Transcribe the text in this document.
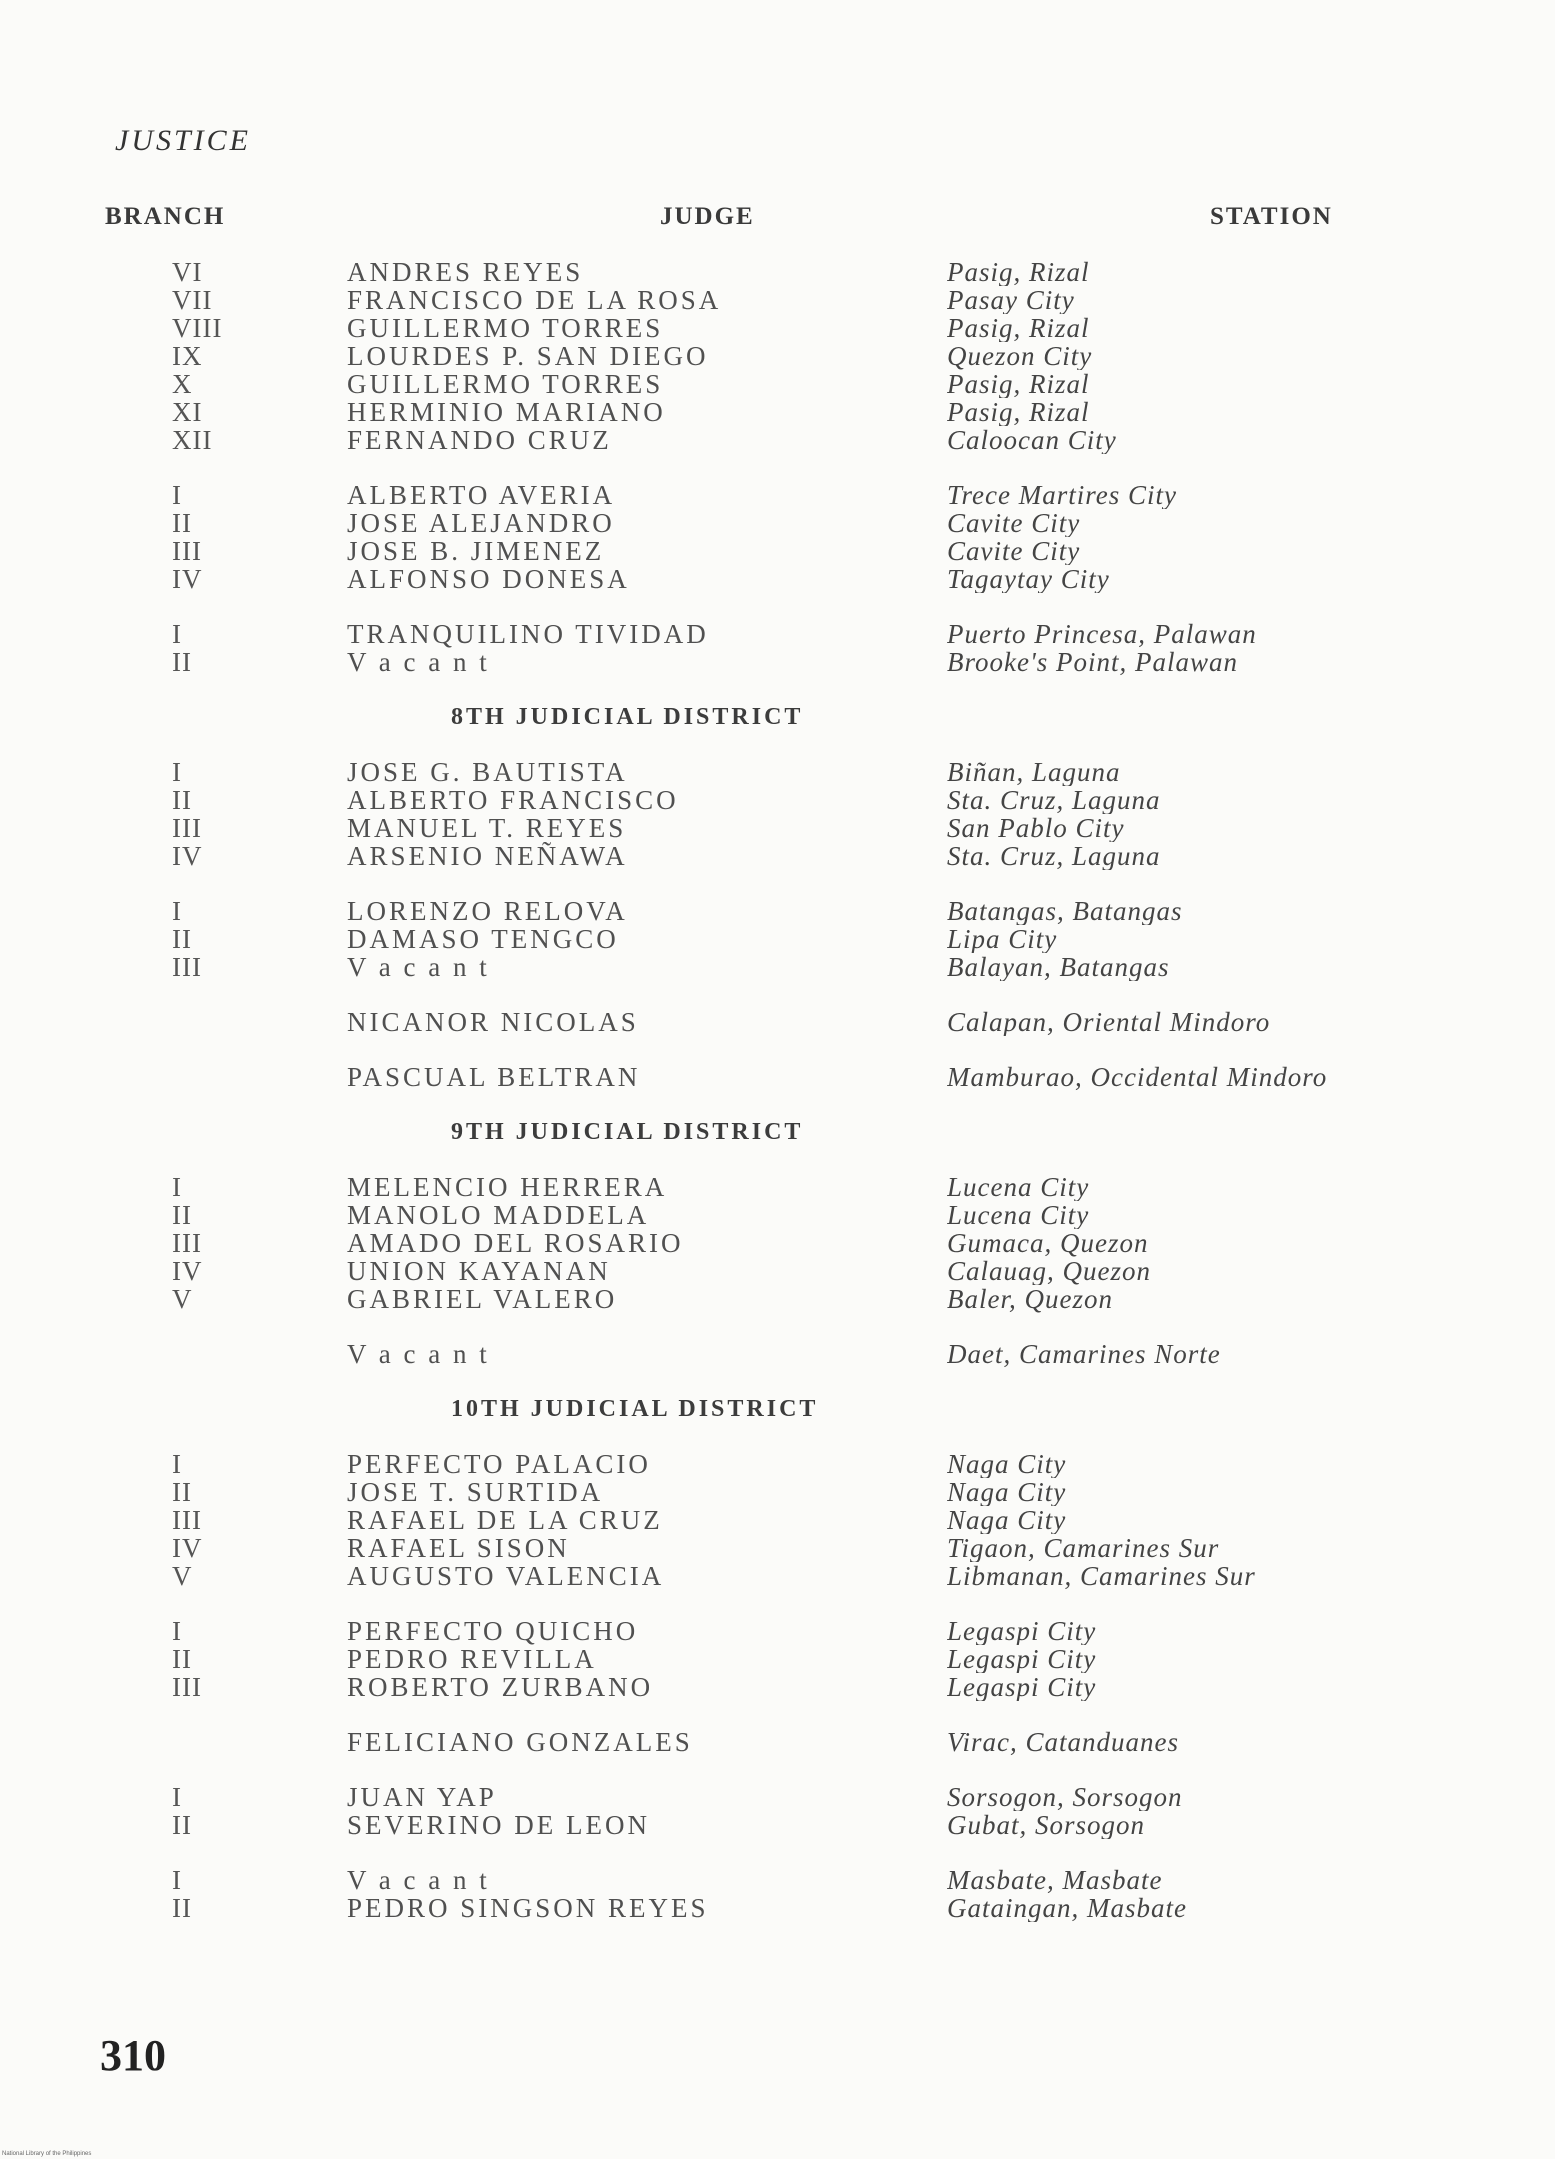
JUSTICE
BRANCH	JUDGE	STATION
VI	ANDRES REYES	Pasig, Rizal
VII	FRANCISCO DE LA ROSA	Pasay City
VIII	GUILLERMO TORRES	Pasig, Rizal
IX	LOURDES P. SAN DIEGO	Quezon City
X	GUILLERMO TORRES	Pasig, Rizal
XI	HERMINIO MARIANO	Pasig, Rizal
XII	FERNANDO CRUZ	Caloocan City
I	ALBERTO AVERIA	Trece Martires City
II	JOSE ALEJANDRO	Cavite City
III	JOSE B. JIMENEZ	Cavite City
IV	ALFONSO DONESA	Tagaytay City
I	TRANQUILINO TIVIDAD	Puerto Princesa, Palawan
II	V a c a n t	Brooke's Point, Palawan
8TH JUDICIAL DISTRICT
I	JOSE G. BAUTISTA	Biñan, Laguna
II	ALBERTO FRANCISCO	Sta. Cruz, Laguna
III	MANUEL T. REYES	San Pablo City
IV	ARSENIO NEÑAWA	Sta. Cruz, Laguna
I	LORENZO RELOVA	Batangas, Batangas
II	DAMASO TENGCO	Lipa City
III	V a c a n t	Balayan, Batangas
NICANOR NICOLAS	Calapan, Oriental Mindoro
PASCUAL BELTRAN	Mamburao, Occidental Mindoro
9TH JUDICIAL DISTRICT
I	MELENCIO HERRERA	Lucena City
II	MANOLO MADDELA	Lucena City
III	AMADO DEL ROSARIO	Gumaca, Quezon
IV	UNION KAYANAN	Calauag, Quezon
V	GABRIEL VALERO	Baler, Quezon
V a c a n t	Daet, Camarines Norte
10TH JUDICIAL DISTRICT
I	PERFECTO PALACIO	Naga City
II	JOSE T. SURTIDA	Naga City
III	RAFAEL DE LA CRUZ	Naga City
IV	RAFAEL SISON	Tigaon, Camarines Sur
V	AUGUSTO VALENCIA	Libmanan, Camarines Sur
I	PERFECTO QUICHO	Legaspi City
II	PEDRO REVILLA	Legaspi City
III	ROBERTO ZURBANO	Legaspi City
FELICIANO GONZALES	Virac, Catanduanes
I	JUAN YAP	Sorsogon, Sorsogon
II	SEVERINO DE LEON	Gubat, Sorsogon
I	V a c a n t	Masbate, Masbate
II	PEDRO SINGSON REYES	Gataingan, Masbate
310
National Library of the Philippines
